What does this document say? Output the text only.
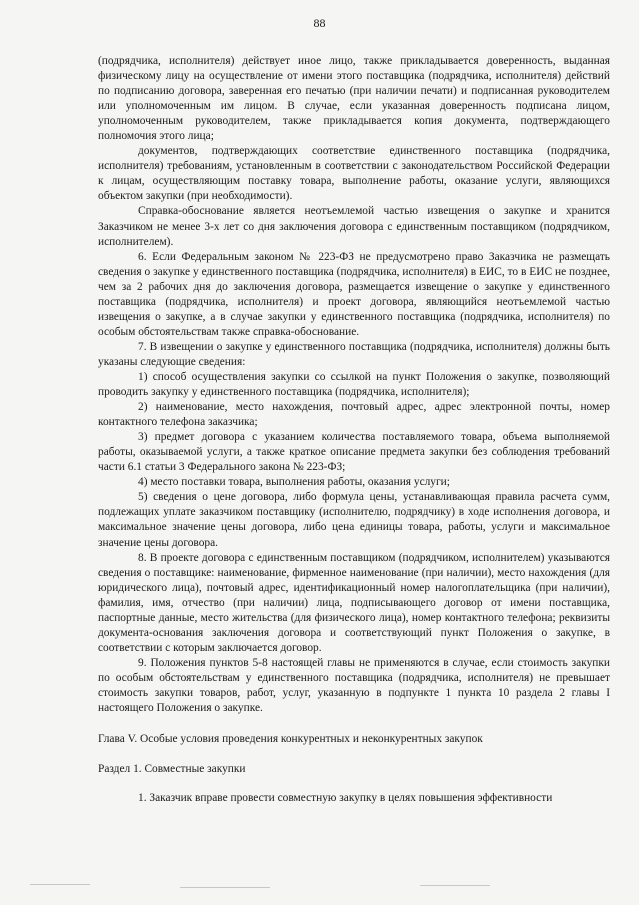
88

(подрядчика, исполнителя) действует иное лицо, также прикладывается доверенность, выданная физическому лицу на осуществление от имени этого поставщика (подрядчика, исполнителя) действий по подписанию договора, заверенная его печатью (при наличии печати) и подписанная руководителем или уполномоченным им лицом. В случае, если указанная доверенность подписана лицом, уполномоченным руководителем, также прикладывается копия документа, подтверждающего полномочия этого лица;

документов, подтверждающих соответствие единственного поставщика (подрядчика, исполнителя) требованиям, установленным в соответствии с законодательством Российской Федерации к лицам, осуществляющим поставку товара, выполнение работы, оказание услуги, являющихся объектом закупки (при необходимости).

Справка-обоснование является неотъемлемой частью извещения о закупке и хранится Заказчиком не менее 3-х лет со дня заключения договора с единственным поставщиком (подрядчиком, исполнителем).

6. Если Федеральным законом № 223-ФЗ не предусмотрено право Заказчика не размещать сведения о закупке у единственного поставщика (подрядчика, исполнителя) в ЕИС, то в ЕИС не позднее, чем за 2 рабочих дня до заключения договора, размещается извещение о закупке у единственного поставщика (подрядчика, исполнителя) и проект договора, являющийся неотъемлемой частью извещения о закупке, а в случае закупки у единственного поставщика (подрядчика, исполнителя) по особым обстоятельствам также справка-обоснование.

7. В извещении о закупке у единственного поставщика (подрядчика, исполнителя) должны быть указаны следующие сведения:

1) способ осуществления закупки со ссылкой на пункт Положения о закупке, позволяющий проводить закупку у единственного поставщика (подрядчика, исполнителя);

2) наименование, место нахождения, почтовый адрес, адрес электронной почты, номер контактного телефона заказчика;

3) предмет договора с указанием количества поставляемого товара, объема выполняемой работы, оказываемой услуги, а также краткое описание предмета закупки без соблюдения требований части 6.1 статьи 3 Федерального закона № 223-ФЗ;

4) место поставки товара, выполнения работы, оказания услуги;

5) сведения о цене договора, либо формула цены, устанавливающая правила расчета сумм, подлежащих уплате заказчиком поставщику (исполнителю, подрядчику) в ходе исполнения договора, и максимальное значение цены договора, либо цена единицы товара, работы, услуги и максимальное значение цены договора.

8. В проекте договора с единственным поставщиком (подрядчиком, исполнителем) указываются сведения о поставщике: наименование, фирменное наименование (при наличии), место нахождения (для юридического лица), почтовый адрес, идентификационный номер налогоплательщика (при наличии), фамилия, имя, отчество (при наличии) лица, подписывающего договор от имени поставщика, паспортные данные, место жительства (для физического лица), номер контактного телефона; реквизиты документа-основания заключения договора и соответствующий пункт Положения о закупке, в соответствии с которым заключается договор.

9. Положения пунктов 5-8 настоящей главы не применяются в случае, если стоимость закупки по особым обстоятельствам у единственного поставщика (подрядчика, исполнителя) не превышает стоимость закупки товаров, работ, услуг, указанную в подпункте 1 пункта 10 раздела 2 главы I настоящего Положения о закупке.

Глава V. Особые условия проведения конкурентных и неконкурентных закупок

Раздел 1. Совместные закупки

1. Заказчик вправе провести совместную закупку в целях повышения эффективности
